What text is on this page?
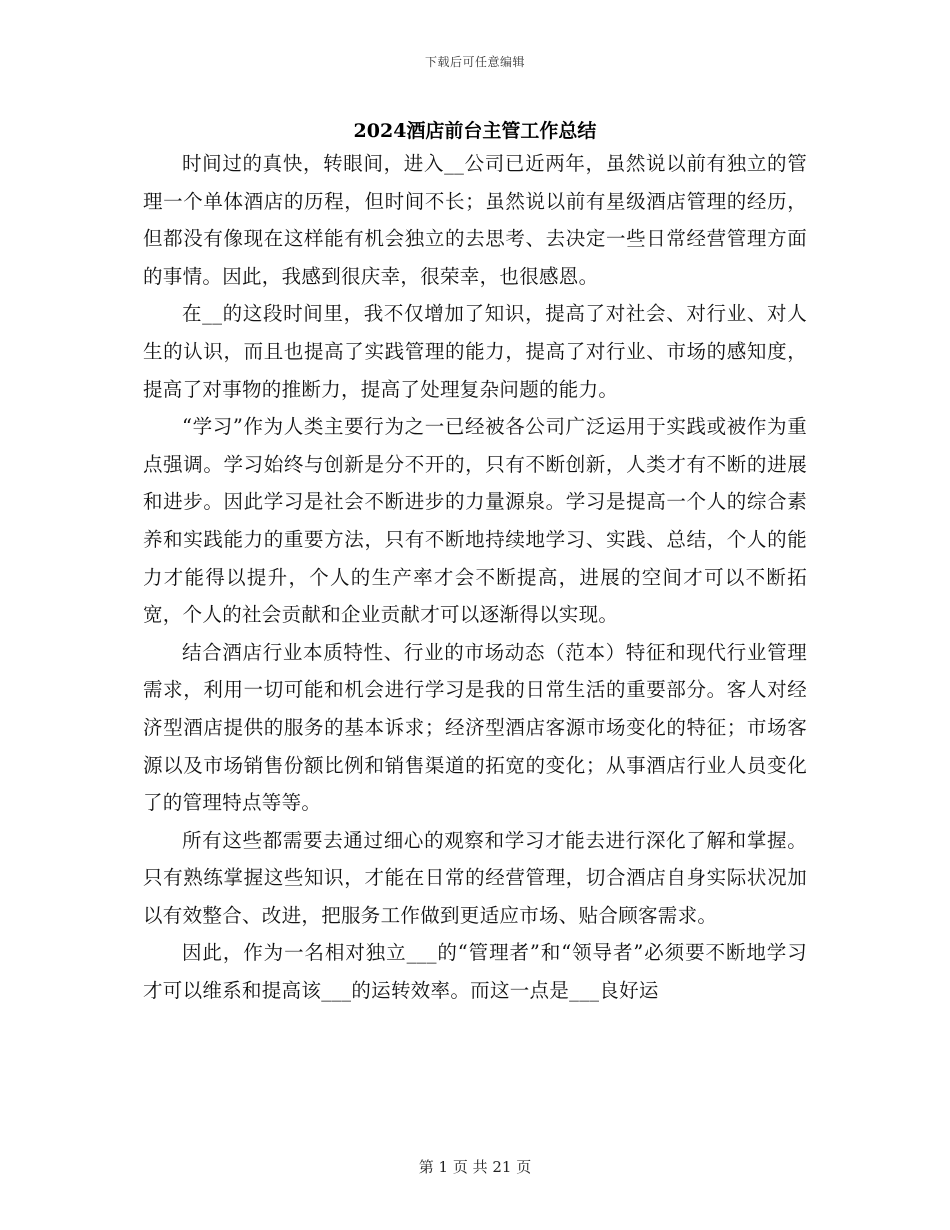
下载后可任意编辑
2024酒店前台主管工作总结

时间过的真快，转眼间，进入__公司已近两年，虽然说以前有独立的管理一个单体酒店的历程，但时间不长；虽然说以前有星级酒店管理的经历，但都没有像现在这样能有机会独立的去思考、去决定一些日常经营管理方面的事情。因此，我感到很庆幸，很荣幸，也很感恩。

在__的这段时间里，我不仅增加了知识，提高了对社会、对行业、对人生的认识，而且也提高了实践管理的能力，提高了对行业、市场的感知度，提高了对事物的推断力，提高了处理复杂问题的能力。

“学习”作为人类主要行为之一已经被各公司广泛运用于实践或被作为重点强调。学习始终与创新是分不开的，只有不断创新，人类才有不断的进展和进步。因此学习是社会不断进步的力量源泉。学习是提高一个人的综合素养和实践能力的重要方法，只有不断地持续地学习、实践、总结，个人的能力才能得以提升，个人的生产率才会不断提高，进展的空间才可以不断拓宽，个人的社会贡献和企业贡献才可以逐渐得以实现。

结合酒店行业本质特性、行业的市场动态（范本）特征和现代行业管理需求，利用一切可能和机会进行学习是我的日常生活的重要部分。客人对经济型酒店提供的服务的基本诉求；经济型酒店客源市场变化的特征；市场客源以及市场销售份额比例和销售渠道的拓宽的变化；从事酒店行业人员变化了的管理特点等等。

所有这些都需要去通过细心的观察和学习才能去进行深化了解和掌握。只有熟练掌握这些知识，才能在日常的经营管理，切合酒店自身实际状况加以有效整合、改进，把服务工作做到更适应市场、贴合顾客需求。

因此，作为一名相对独立___的“管理者”和“领导者”必须要不断地学习才可以维系和提高该___的运转效率。而这一点是___良好运

第 1 页 共 21 页
